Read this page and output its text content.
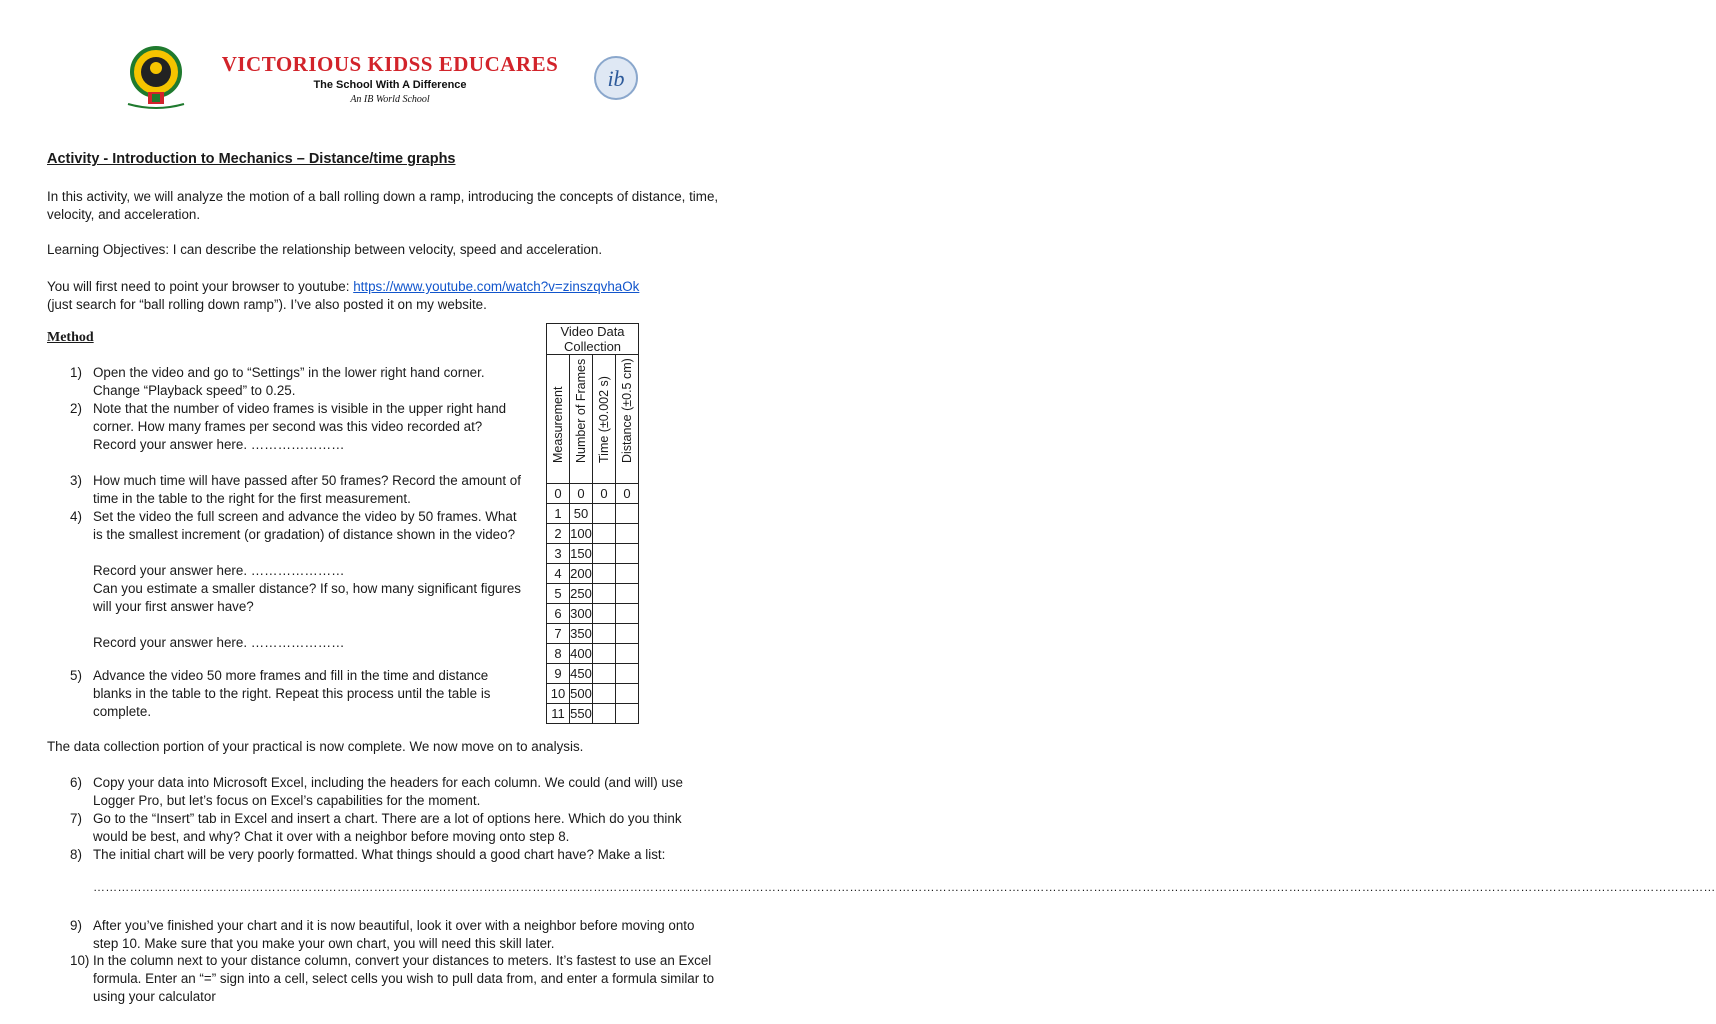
VICTORIOUS KIDSS EDUCARES
The School With A Difference
An IB World School
ib
Activity - Introduction to Mechanics – Distance/time graphs
In this activity, we will analyze the motion of a ball rolling down a ramp, introducing the concepts of distance, time, velocity, and acceleration.
Learning Objectives: I can describe the relationship between velocity, speed and acceleration.
You will first need to point your browser to youtube: https://www.youtube.com/watch?v=zinszqvhaOk
(just search for “ball rolling down ramp”). I’ve also posted it on my website.
Method
1) Open the video and go to “Settings” in the lower right hand corner.
Change “Playback speed” to 0.25.
2) Note that the number of video frames is visible in the upper right hand corner. How many frames per second was this video recorded at?
Record your answer here. …………………
3) How much time will have passed after 50 frames? Record the amount of time in the table to the right for the first measurement.
4) Set the video the full screen and advance the video by 50 frames. What is the smallest increment (or gradation) of distance shown in the video?
Record your answer here. …………………
Can you estimate a smaller distance? If so, how many significant figures will your first answer have?
Record your answer here. …………………
5) Advance the video 50 more frames and fill in the time and distance blanks in the table to the right. Repeat this process until the table is complete.
Video Data Collection			

Measurement	Number of Frames	Time (±0.002 s)	Distance (±0.5 cm)

0	0	0	0
1	50		
2	100		
3	150		
4	200		
5	250		
6	300		
7	350		
8	400		
9	450		
10	500		
11	550		
The data collection portion of your practical is now complete. We now move on to analysis.
6) Copy your data into Microsoft Excel, including the headers for each column. We could (and will) use Logger Pro, but let’s focus on Excel’s capabilities for the moment.
7) Go to the “Insert” tab in Excel and insert a chart. There are a lot of options here. Which do you think would be best, and why? Chat it over with a neighbor before moving onto step 8.
8) The initial chart will be very poorly formatted. What things should a good chart have? Make a list:
…………………………………………………………………………………………………………………………………………………………………………………………………………………………………………………………………………………………………………………………………………………………………
9) After you’ve finished your chart and it is now beautiful, look it over with a neighbor before moving onto step 10. Make sure that you make your own chart, you will need this skill later.
10) In the column next to your distance column, convert your distances to meters. It’s fastest to use an Excel formula. Enter an “=” sign into a cell, select cells you wish to pull data from, and enter a formula similar to using your calculator
